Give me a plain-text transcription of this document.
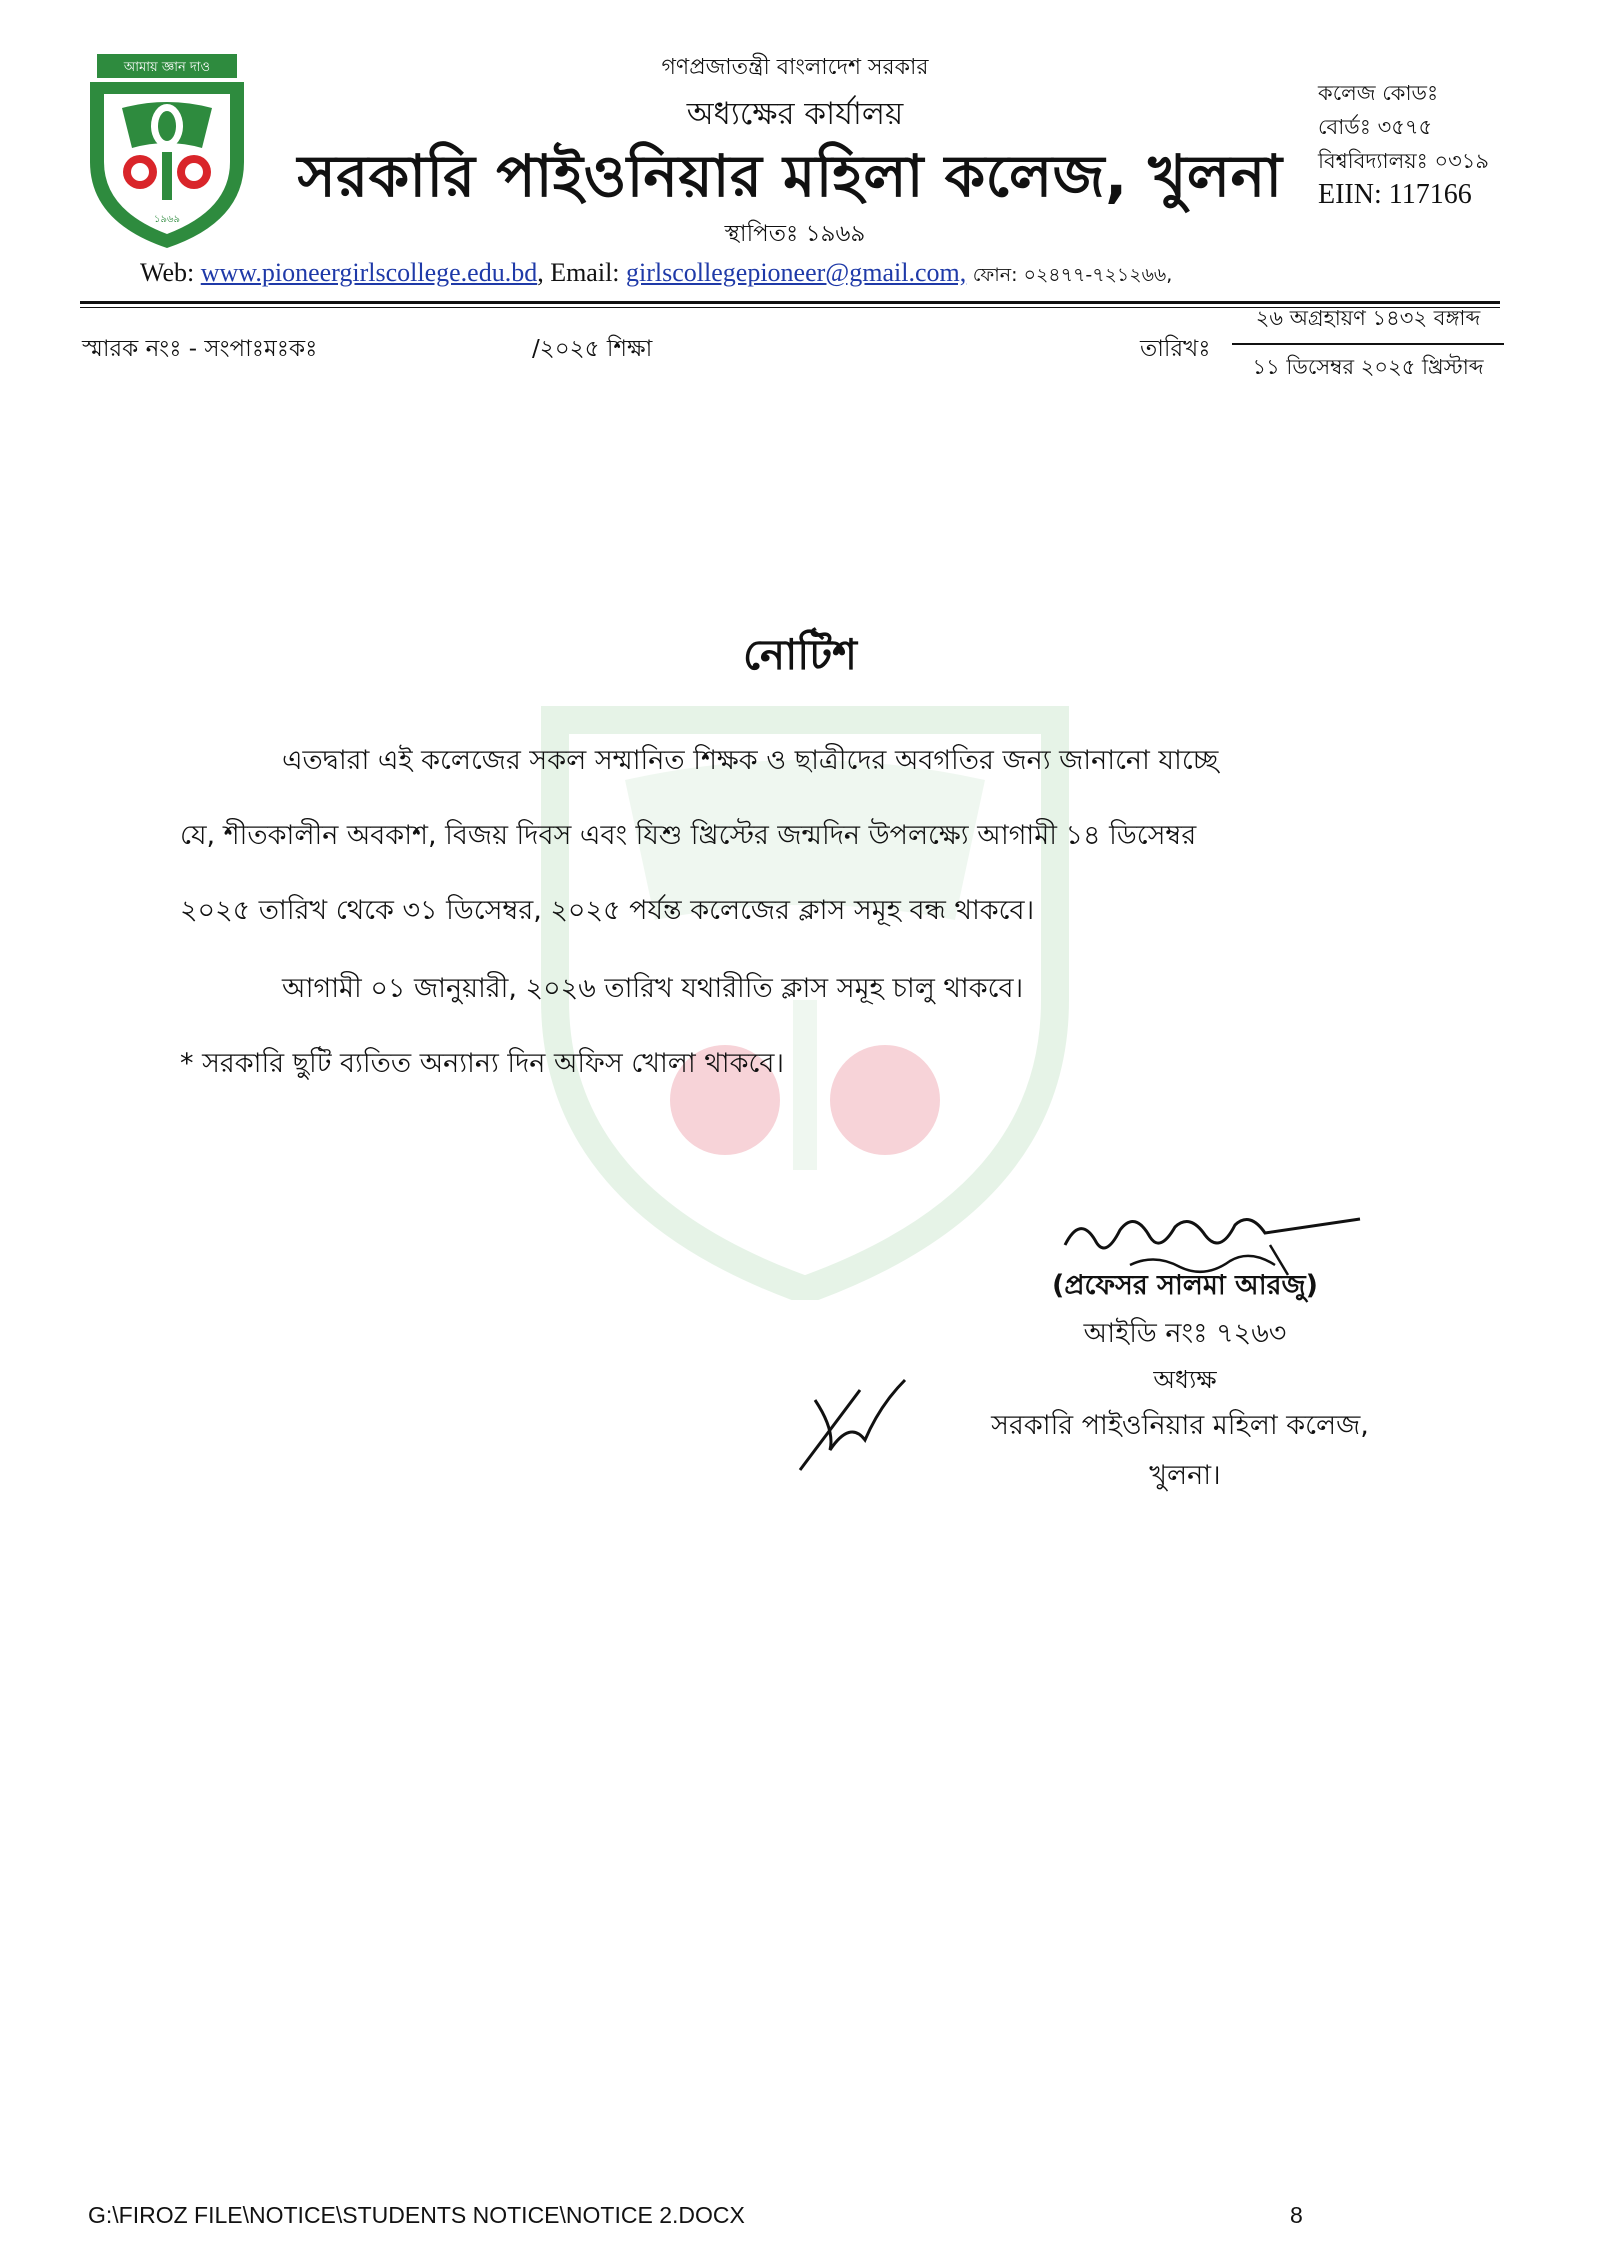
আমায় জ্ঞান দাও
১৯৬৯
গণপ্রজাতন্ত্রী বাংলাদেশ সরকার
অধ্যক্ষের কার্যালয়
সরকারি পাইওনিয়ার মহিলা কলেজ, খুলনা
স্থাপিতঃ ১৯৬৯
কলেজ কোডঃ
বোর্ডঃ ৩৫৭৫
বিশ্ববিদ্যালয়ঃ ০৩১৯
EIIN: 117166
Web: www.pioneergirlscollege.edu.bd, Email: girlscollegepioneer@gmail.com, ফোন: ০২৪৭৭-৭২১২৬৬,
স্মারক নংঃ - সংপাঃমঃকঃ	/২০২৫ শিক্ষা	তারিখঃ
২৬ অগ্রহায়ণ ১৪৩২ বঙ্গাব্দ
১১ ডিসেম্বর ২০২৫ খ্রিস্টাব্দ
নোটিশ
এতদ্বারা এই কলেজের সকল সম্মানিত শিক্ষক ও ছাত্রীদের অবগতির জন্য জানানো যাচ্ছে
যে, শীতকালীন অবকাশ, বিজয় দিবস এবং যিশু খ্রিস্টের জন্মদিন উপলক্ষ্যে আগামী ১৪ ডিসেম্বর
২০২৫ তারিখ থেকে ৩১ ডিসেম্বর, ২০২৫ পর্যন্ত কলেজের ক্লাস সমূহ বন্ধ থাকবে।
আগামী ০১ জানুয়ারী, ২০২৬ তারিখ যথারীতি ক্লাস সমূহ চালু থাকবে।
* সরকারি ছুটি ব্যতিত অন্যান্য দিন অফিস খোলা থাকবে।
(প্রফেসর সালমা আরজু)
আইডি নংঃ ৭২৬৩
অধ্যক্ষ
সরকারি পাইওনিয়ার মহিলা কলেজ,
খুলনা।
G:\FIROZ FILE\NOTICE\STUDENTS NOTICE\NOTICE 2.DOCX	8
